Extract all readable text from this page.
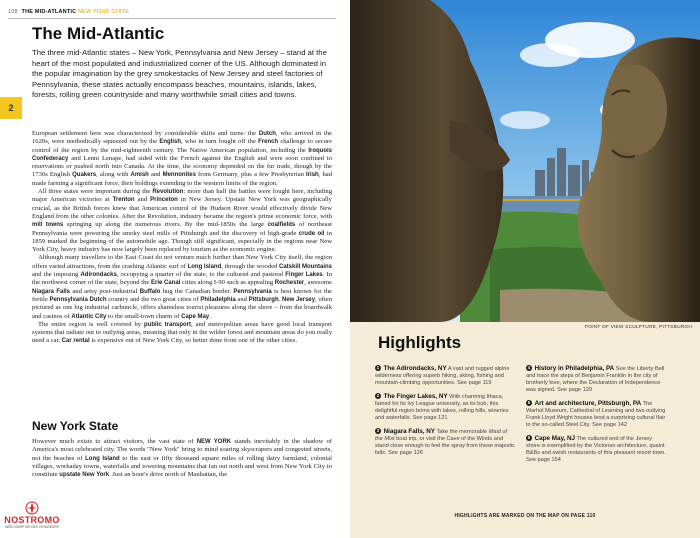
108 THE MID-ATLANTIC NEW YORK STATE
The Mid-Atlantic

The three mid-Atlantic states – New York, Pennsylvania and New Jersey – stand at the heart of the most populated and industrialized corner of the US. Although dominated in the popular imagination by the grey smokestacks of New Jersey and steel factories of Pennsylvania, these states actually encompass beaches, mountains, islands, lakes, forests, rolling green countryside and many worthwhile small cities and towns.

2

European settlement here was characterized by considerable shifts and turns: the Dutch, who arrived in the 1620s, were methodically squeezed out by the English, who in turn fought off the French challenge to secure control of the region by the mid-eighteenth century. The Native American population, including the Iroquois Confederacy and Lenni Lenape, had sided with the French against the English and were soon confined to reservations or pushed north into Canada. At the time, the economy depended on the fur trade, though by the 1730s English Quakers, along with Amish and Mennonites from Germany, plus a few Presbyterian Irish, had made farming a significant force, their holdings extending to the western limits of the region.

All three states were important during the Revolution: more than half the battles were fought here, including major American victories at Trenton and Princeton in New Jersey. Upstate New York was geographically crucial, as the British forces knew that American control of the Hudson River would effectively divide New England from the other colonies. After the Revolution, industry became the region's prime economic force, with mill towns springing up along the numerous rivers. By the mid-1850s the large coalfields of northeast Pennsylvania were powering the smoky steel mills of Pittsburgh and the discovery of high-grade crude oil in 1859 marked the beginning of the automobile age. Though still significant, especially in the regions near New York City, heavy industry has now largely been replaced by tourism as the economic engine.

Although many travellers to the East Coast do not venture much further than New York City itself, the region offers varied attractions, from the crashing Atlantic surf of Long Island, through the wooded Catskill Mountains and the imposing Adirondacks, occupying a quarter of the state, to the cultured and pastoral Finger Lakes. In the northwest corner of the state, beyond the Erie Canal cities along I-90 such as appealing Rochester, awesome Niagara Falls and artsy post-industrial Buffalo hug the Canadian border. Pennsylvania is best known for the fertile Pennsylvania Dutch country and the two great cities of Philadelphia and Pittsburgh. New Jersey, often pictured as one big industrial carbuncle, offers shameless tourist pleasures along the shore – from the boardwalk and casinos of Atlantic City to the small-town charm of Cape May.

The entire region is well covered by public transport, and metropolitan areas have good local transport systems that radiate out to outlying areas, meaning that only in the wilder forest and mountain areas do you really need a car. Car rental is expensive out of New York City, so better done from one of the other cities.

New York State

However much exists to attract visitors, the vast state of NEW YORK stands inevitably in the shadow of America's most celebrated city. The words "New York" bring to mind soaring skyscrapers and congested streets, not the beaches of Long Island to the east or fifty thousand square miles of rolling dairy farmland, colonial villages, workaday towns, waterfalls and towering mountains that fan out north and west from New York City to constitute upstate New York. Just an hour's drive north of Manhattan, the

NOSTROMO
WEB COMPTOIR DES VOYAGEURS
POINT OF VIEW SCULPTURE, PITTSBURGH
Highlights
1 The Adirondacks, NY A vast and rugged alpine wilderness offering superb hiking, skiing, fishing and mountain-climbing opportunities. See page 119
2 The Finger Lakes, NY With charming Ithaca, famed for its Ivy League university, as its hub, this delightful region brims with lakes, rolling hills, wineries and waterfalls. See page 121
3 Niagara Falls, NY Take the memorable Maid of the Mist boat trip, or visit the Cave of the Winds and stand close enough to feel the spray from these majestic falls. See page 126
4 History in Philadelphia, PA See the Liberty Bell and trace the steps of Benjamin Franklin in the city of brotherly love, where the Declaration of Independence was signed. See page 129
5 Art and architecture, Pittsburgh, PA The Warhol Museum, Cathedral of Learning and two outlying Frank Lloyd Wright houses lend a surprising cultural flair to the so-called Steel City. See page 142
6 Cape May, NJ The cultured end of the Jersey shore is exemplified by the Victorian architecture, quaint B&Bs and swish restaurants of this pleasant resort town. See page 154
HIGHLIGHTS ARE MARKED ON THE MAP ON PAGE 110
